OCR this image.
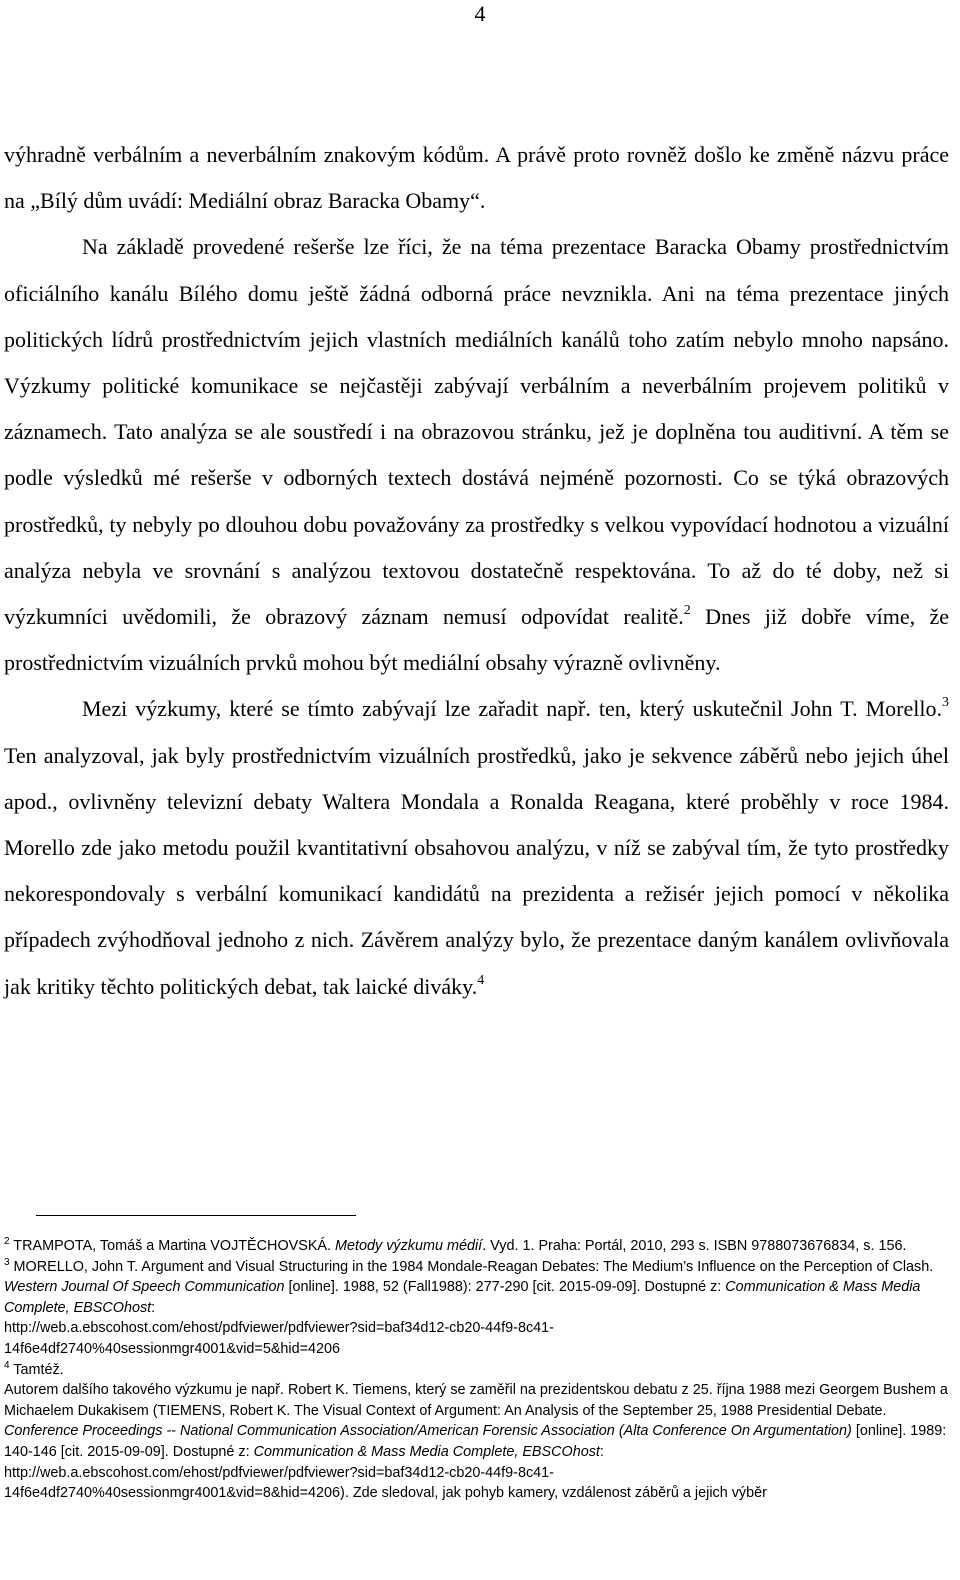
4

výhradně verbálním a neverbálním znakovým kódům. A právě proto rovněž došlo ke změně názvu práce na „Bílý dům uvádí: Mediální obraz Baracka Obamy“.

Na základě provedené rešerše lze říci, že na téma prezentace Baracka Obamy prostřednictvím oficiálního kanálu Bílého domu ještě žádná odborná práce nevznikla. Ani na téma prezentace jiných politických lídrů prostřednictvím jejich vlastních mediálních kanálů toho zatím nebylo mnoho napsáno. Výzkumy politické komunikace se nejčastěji zabývají verbálním a neverbálním projevem politiků v záznamech. Tato analýza se ale soustředí i na obrazovou stránku, jež je doplněna tou auditivní. A těm se podle výsledků mé rešerše v odborných textech dostává nejméně pozornosti. Co se týká obrazových prostředků, ty nebyly po dlouhou dobu považovány za prostředky s velkou vypovídací hodnotou a vizuální analýza nebyla ve srovnání s analýzou textovou dostatečně respektována. To až do té doby, než si výzkumníci uvědomili, že obrazový záznam nemusí odpovídat realitě.$^2$ Dnes již dobře víme, že prostřednictvím vizuálních prvků mohou být mediální obsahy výrazně ovlivněny.

Mezi výzkumy, které se tímto zabývají lze zařadit např. ten, který uskutečnil John T. Morello.$^3$ Ten analyzoval, jak byly prostřednictvím vizuálních prostředků, jako je sekvence záběrů nebo jejich úhel apod., ovlivněny televizní debaty Waltera Mondala a Ronalda Reagana, které proběhly v roce 1984. Morello zde jako metodu použil kvantitativní obsahovou analýzu, v níž se zabýval tím, že tyto prostředky nekorespondovaly s verbální komunikací kandidátů na prezidenta a režisér jejich pomocí v několika případech zvýhodňoval jednoho z nich. Závěrem analýzy bylo, že prezentace daným kanálem ovlivňovala jak kritiky těchto politických debat, tak laické diváky.$^4$

$^2$ TRAMPOTA, Tomáš a Martina VOJTĚCHOVSKÁ. Metody výzkumu médií. Vyd. 1. Praha: Portál, 2010, 293 s. ISBN 9788073676834, s. 156.

$^3$ MORELLO, John T. Argument and Visual Structuring in the 1984 Mondale-Reagan Debates: The Medium’s Influence on the Perception of Clash. Western Journal Of Speech Communication [online]. 1988, 52 (Fall1988): 277-290 [cit. 2015-09-09]. Dostupné z: Communication & Mass Media Complete, EBSCOhost:
http://web.a.ebscohost.com/ehost/pdfviewer/pdfviewer?sid=baf34d12-cb20-44f9-8c41-
14f6e4df2740%40sessionmgr4001&vid=5&hid=4206

$^4$ Tamtéž.

Autorem dalšího takového výzkumu je např. Robert K. Tiemens, který se zaměřil na prezidentskou debatu z 25. října 1988 mezi Georgem Bushem a Michaelem Dukakisem (TIEMENS, Robert K. The Visual Context of Argument: An Analysis of the September 25, 1988 Presidential Debate. Conference Proceedings -- National Communication Association/American Forensic Association (Alta Conference On Argumentation) [online]. 1989: 140-146 [cit. 2015-09-09]. Dostupné z: Communication & Mass Media Complete, EBSCOhost:
http://web.a.ebscohost.com/ehost/pdfviewer/pdfviewer?sid=baf34d12-cb20-44f9-8c41-
14f6e4df2740%40sessionmgr4001&vid=8&hid=4206). Zde sledoval, jak pohyb kamery, vzdálenost záběrů a jejich výběr
